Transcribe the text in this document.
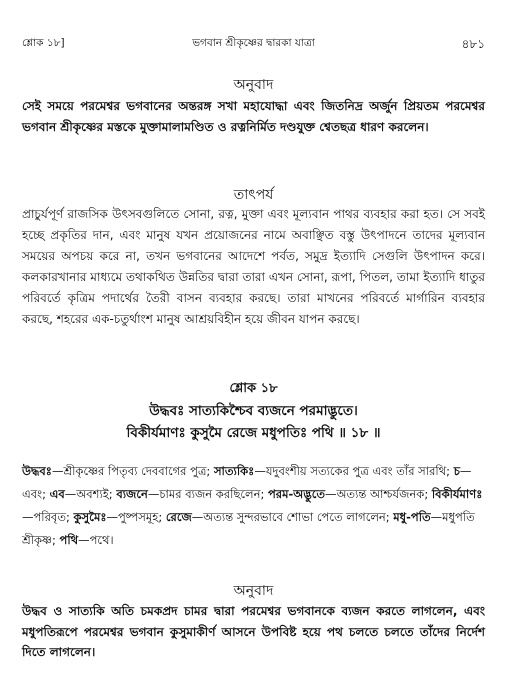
শ্লোক ১৮]	ভগবান শ্রীকৃষ্ণের দ্বারকা যাত্রা	৪৮১
অনুবাদ
সেই সময়ে পরমেশ্বর ভগবানের অন্তরঙ্গ সখা মহাযোদ্ধা এবং জিতনিদ্র অর্জুন প্রিয়তম পরমেশ্বর ভগবান শ্রীকৃষ্ণের মস্তকে মুক্তামালামণ্ডিত ও রত্ননির্মিত দণ্ডযুক্ত শ্বেতছত্র ধারণ করলেন।
তাৎপর্য
প্রাচুর্যপূর্ণ রাজসিক উৎসবগুলিতে সোনা, রত্ন, মুক্তা এবং মূল্যবান পাথর ব্যবহার করা হত। সে সবই হচ্ছে প্রকৃতির দান, এবং মানুষ যখন প্রয়োজনের নামে অবাঞ্ছিত বস্তু উৎপাদনে তাদের মূল্যবান সময়ের অপচয় করে না, তখন ভগবানের আদেশে পর্বত, সমুদ্র ইত্যাদি সেগুলি উৎপাদন করে। কলকারখানার মাধ্যমে তথাকথিত উন্নতির দ্বারা তারা এখন সোনা, রূপা, পিতল, তামা ইত্যাদি ধাতুর পরিবর্তে কৃত্রিম পদার্থের তৈরী বাসন ব্যবহার করছে। তারা মাখনের পরিবর্তে মার্গারিন ব্যবহার করছে, শহরের এক-চতুর্থাংশ মানুষ আশ্রয়বিহীন হয়ে জীবন যাপন করছে।
শ্লোক ১৮
উদ্ধবঃ সাত্যকিশ্চৈব ব্যজনে পরমাদ্ভুতে।
বিকীর্যমাণঃ কুসুমৈ রেজে মধুপতিঃ পথি ॥ ১৮ ॥
উদ্ধবঃ—শ্রীকৃষ্ণের পিতৃব্য দেববাগের পুত্র; সাত্যকিঃ—যদুবংশীয় সত্যকের পুত্র এবং তাঁর সারথি; চ—এবং; এব—অবশ্যই; ব্যজনে—চামর ব্যজন করছিলেন; পরম-অদ্ভুতে—অত্যন্ত আশ্চর্যজনক; বিকীর্যমাণঃ—পরিবৃত; কুসুমৈঃ—পুষ্পসমূহ; রেজে—অত্যন্ত সুন্দরভাবে শোভা পেতে লাগলেন; মধু-পতি—মধুপতি শ্রীকৃষ্ণ; পথি—পথে।
অনুবাদ
উদ্ধব ও সাত্যকি অতি চমকপ্রদ চামর দ্বারা পরমেশ্বর ভগবানকে ব্যজন করতে লাগলেন, এবং মধুপতিরূপে পরমেশ্বর ভগবান কুসুমাকীর্ণ আসনে উপবিষ্ট হয়ে পথ চলতে চলতে তাঁদের নির্দেশ দিতে লাগলেন।
